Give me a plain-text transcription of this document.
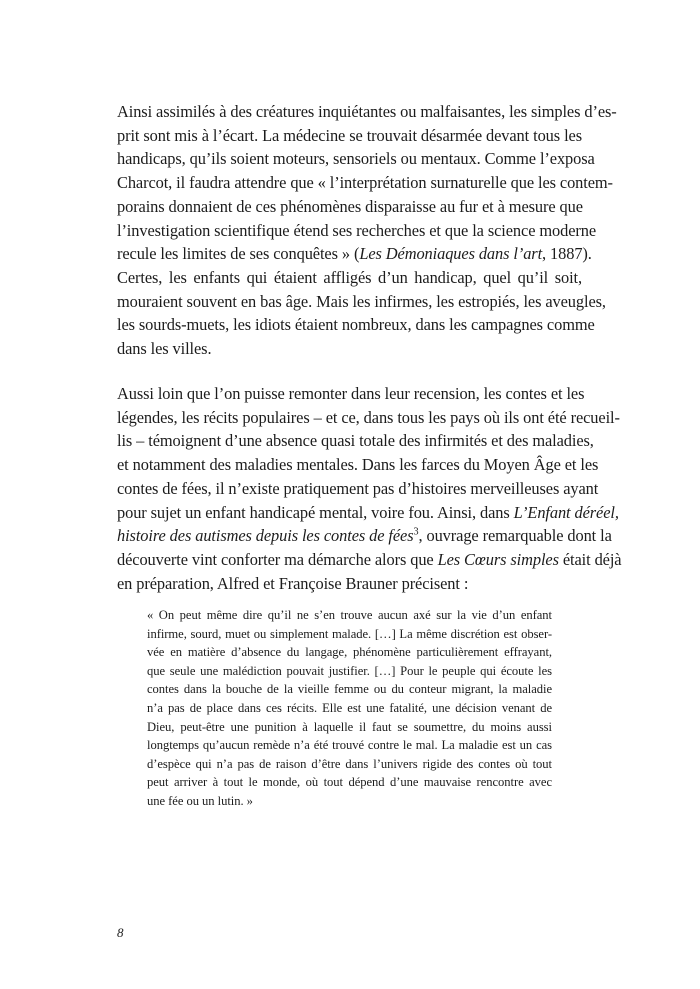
Ainsi assimilés à des créatures inquiétantes ou malfaisantes, les simples d’es-
prit sont mis à l’écart. La médecine se trouvait désarmée devant tous les
handicaps, qu’ils soient moteurs, sensoriels ou mentaux. Comme l’exposa
Charcot, il faudra attendre que « l’interprétation surnaturelle que les contem-
porains donnaient de ces phénomènes disparaisse au fur et à mesure que
l’investigation scientifique étend ses recherches et que la science moderne
recule les limites de ses conquêtes » (Les Démoniaques dans l’art, 1887).
Certes, les enfants qui étaient affligés d’un handicap, quel qu’il soit,
mouraient souvent en bas âge. Mais les infirmes, les estropiés, les aveugles,
les sourds-muets, les idiots étaient nombreux, dans les campagnes comme
dans les villes.
Aussi loin que l’on puisse remonter dans leur recension, les contes et les
légendes, les récits populaires – et ce, dans tous les pays où ils ont été recueil-
lis – témoignent d’une absence quasi totale des infirmités et des maladies,
et notamment des maladies mentales. Dans les farces du Moyen Âge et les
contes de fées, il n’existe pratiquement pas d’histoires merveilleuses ayant
pour sujet un enfant handicapé mental, voire fou. Ainsi, dans L’Enfant déréel,
histoire des autismes depuis les contes de fées$^3$, ouvrage remarquable dont la
découverte vint conforter ma démarche alors que Les Cœurs simples était déjà
en préparation, Alfred et Françoise Brauner précisent :
« On peut même dire qu’il ne s’en trouve aucun axé sur la vie d’un enfant
infirme, sourd, muet ou simplement malade. […] La même discrétion est obser-
vée en matière d’absence du langage, phénomène particulièrement effrayant,
que seule une malédiction pouvait justifier. […] Pour le peuple qui écoute les
contes dans la bouche de la vieille femme ou du conteur migrant, la maladie
n’a pas de place dans ces récits. Elle est une fatalité, une décision venant de
Dieu, peut-être une punition à laquelle il faut se soumettre, du moins aussi
longtemps qu’aucun remède n’a été trouvé contre le mal. La maladie est un cas
d’espèce qui n’a pas de raison d’être dans l’univers rigide des contes où tout
peut arriver à tout le monde, où tout dépend d’une mauvaise rencontre avec
une fée ou un lutin. »
8
